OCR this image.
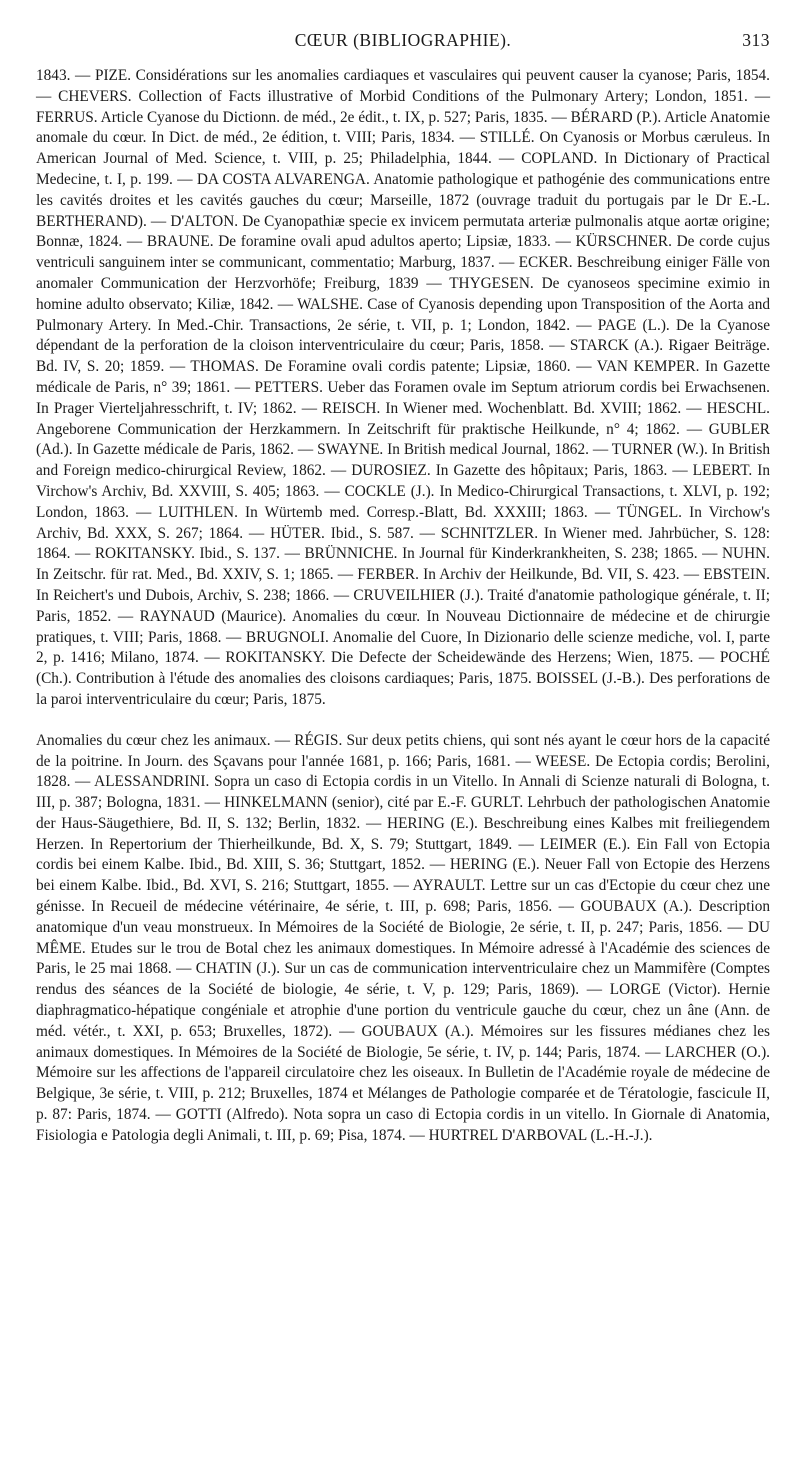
CŒUR (BIBLIOGRAPHIE).	313

1843. — PIZE. Considérations sur les anomalies cardiaques et vasculaires qui peuvent causer la cyanose; Paris, 1854. — CHEVERS. Collection of Facts illustrative of Morbid Conditions of the Pulmonary Artery; London, 1851. — FERRUS. Article Cyanose du Dictionn. de méd., 2e édit., t. IX, p. 527; Paris, 1835. — BÉRARD (P.). Article Anatomie anomale du cœur. In Dict. de méd., 2e édition, t. VIII; Paris, 1834. — STILLÉ. On Cyanosis or Morbus cæruleus. In American Journal of Med. Science, t. VIII, p. 25; Philadelphia, 1844. — COPLAND. In Dictionary of Practical Medecine, t. I, p. 199. — DA COSTA ALVARENGA. Anatomie pathologique et pathogénie des communications entre les cavités droites et les cavités gauches du cœur; Marseille, 1872 (ouvrage traduit du portugais par le Dr E.-L. BERTHERAND). — D'ALTON. De Cyanopathiæ specie ex invicem permutata arteriæ pulmonalis atque aortæ origine; Bonnæ, 1824. — BRAUNE. De foramine ovali apud adultos aperto; Lipsiæ, 1833. — KÜRSCHNER. De corde cujus ventriculi sanguinem inter se communicant, commentatio; Marburg, 1837. — ECKER. Beschreibung einiger Fälle von anomaler Communication der Herzvorhöfe; Freiburg, 1839 — THYGESEN. De cyanoseos specimine eximio in homine adulto observato; Kiliæ, 1842. — WALSHE. Case of Cyanosis depending upon Transposition of the Aorta and Pulmonary Artery. In Med.-Chir. Transactions, 2e série, t. VII, p. 1; London, 1842. — PAGE (L.). De la Cyanose dépendant de la perforation de la cloison interventriculaire du cœur; Paris, 1858. — STARCK (A.). Rigaer Beiträge. Bd. IV, S. 20; 1859. — THOMAS. De Foramine ovali cordis patente; Lipsiæ, 1860. — VAN KEMPER. In Gazette médicale de Paris, n° 39; 1861. — PETTERS. Ueber das Foramen ovale im Septum atriorum cordis bei Erwachsenen. In Prager Vierteljahresschrift, t. IV; 1862. — REISCH. In Wiener med. Wochenblatt. Bd. XVIII; 1862. — HESCHL. Angeborene Communication der Herzkammern. In Zeitschrift für praktische Heilkunde, n° 4; 1862. — GUBLER (Ad.). In Gazette médicale de Paris, 1862. — SWAYNE. In British medical Journal, 1862. — TURNER (W.). In British and Foreign medico-chirurgical Review, 1862. — DUROSIEZ. In Gazette des hôpitaux; Paris, 1863. — LEBERT. In Virchow's Archiv, Bd. XXVIII, S. 405; 1863. — COCKLE (J.). In Medico-Chirurgical Transactions, t. XLVI, p. 192; London, 1863. — LUITHLEN. In Würtemb med. Corresp.-Blatt, Bd. XXXIII; 1863. — TÜNGEL. In Virchow's Archiv, Bd. XXX, S. 267; 1864. — HÜTER. Ibid., S. 587. — SCHNITZLER. In Wiener med. Jahrbücher, S. 128: 1864. — ROKITANSKY. Ibid., S. 137. — BRÜNNICHE. In Journal für Kinderkrankheiten, S. 238; 1865. — NUHN. In Zeitschr. für rat. Med., Bd. XXIV, S. 1; 1865. — FERBER. In Archiv der Heilkunde, Bd. VII, S. 423. — EBSTEIN. In Reichert's und Dubois, Archiv, S. 238; 1866. — CRUVEILHIER (J.). Traité d'anatomie pathologique générale, t. II; Paris, 1852. — RAYNAUD (Maurice). Anomalies du cœur. In Nouveau Dictionnaire de médecine et de chirurgie pratiques, t. VIII; Paris, 1868. — BRUGNOLI. Anomalie del Cuore, In Dizionario delle scienze mediche, vol. I, parte 2, p. 1416; Milano, 1874. — ROKITANSKY. Die Defecte der Scheidewände des Herzens; Wien, 1875. — POCHÉ (Ch.). Contribution à l'étude des anomalies des cloisons cardiaques; Paris, 1875. BOISSEL (J.-B.). Des perforations de la paroi interventriculaire du cœur; Paris, 1875.

Anomalies du cœur chez les animaux. — RÉGIS. Sur deux petits chiens, qui sont nés ayant le cœur hors de la capacité de la poitrine. In Journ. des Sçavans pour l'année 1681, p. 166; Paris, 1681. — WEESE. De Ectopia cordis; Berolini, 1828. — ALESSANDRINI. Sopra un caso di Ectopia cordis in un Vitello. In Annali di Scienze naturali di Bologna, t. III, p. 387; Bologna, 1831. — HINKELMANN (senior), cité par E.-F. GURLT. Lehrbuch der pathologischen Anatomie der Haus-Säugethiere, Bd. II, S. 132; Berlin, 1832. — HERING (E.). Beschreibung eines Kalbes mit freiliegendem Herzen. In Repertorium der Thierheilkunde, Bd. X, S. 79; Stuttgart, 1849. — LEIMER (E.). Ein Fall von Ectopia cordis bei einem Kalbe. Ibid., Bd. XIII, S. 36; Stuttgart, 1852. — HERING (E.). Neuer Fall von Ectopie des Herzens bei einem Kalbe. Ibid., Bd. XVI, S. 216; Stuttgart, 1855. — AYRAULT. Lettre sur un cas d'Ectopie du cœur chez une génisse. In Recueil de médecine vétérinaire, 4e série, t. III, p. 698; Paris, 1856. — GOUBAUX (A.). Description anatomique d'un veau monstrueux. In Mémoires de la Société de Biologie, 2e série, t. II, p. 247; Paris, 1856. — DU MÊME. Etudes sur le trou de Botal chez les animaux domestiques. In Mémoire adressé à l'Académie des sciences de Paris, le 25 mai 1868. — CHATIN (J.). Sur un cas de communication interventriculaire chez un Mammifère (Comptes rendus des séances de la Société de biologie, 4e série, t. V, p. 129; Paris, 1869). — LORGE (Victor). Hernie diaphragmatico-hépatique congéniale et atrophie d'une portion du ventricule gauche du cœur, chez un âne (Ann. de méd. vétér., t. XXI, p. 653; Bruxelles, 1872). — GOUBAUX (A.). Mémoires sur les fissures médianes chez les animaux domestiques. In Mémoires de la Société de Biologie, 5e série, t. IV, p. 144; Paris, 1874. — LARCHER (O.). Mémoire sur les affections de l'appareil circulatoire chez les oiseaux. In Bulletin de l'Académie royale de médecine de Belgique, 3e série, t. VIII, p. 212; Bruxelles, 1874 et Mélanges de Pathologie comparée et de Tératologie, fascicule II, p. 87: Paris, 1874. — GOTTI (Alfredo). Nota sopra un caso di Ectopia cordis in un vitello. In Giornale di Anatomia, Fisiologia e Patologia degli Animali, t. III, p. 69; Pisa, 1874. — HURTREL D'ARBOVAL (L.-H.-J.).
